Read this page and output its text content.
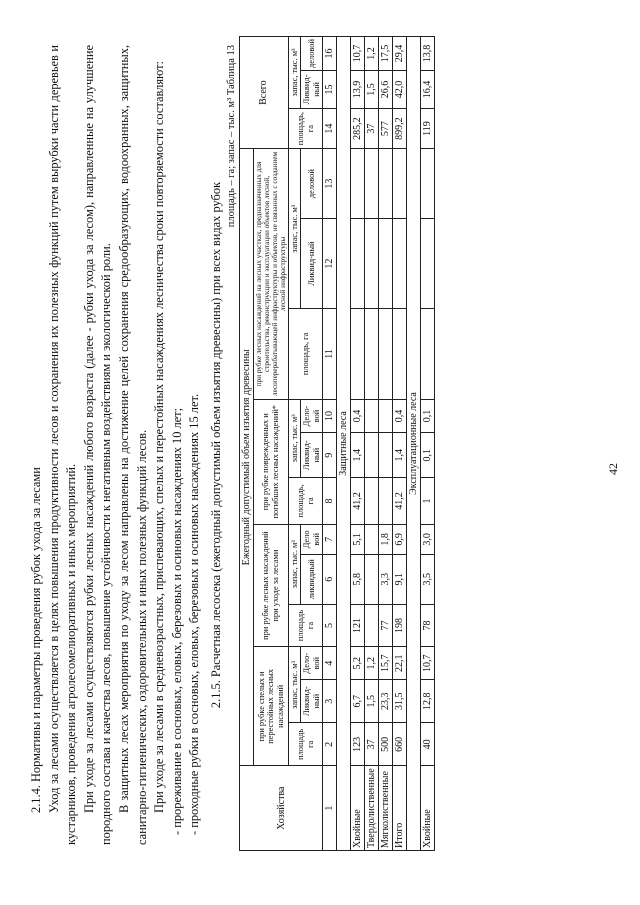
2.1.4. Нормативы и параметры проведения рубок ухода за лесами Уход за лесами осуществляется в целях повышения продуктивности лесов и сохранения их полезных функций путем вырубки части деревьев и кустарников, проведения агролесомелиоративных и иных мероприятий. При уходе за лесами осуществляются рубки лесных насаждений любого возраста (далее - рубки ухода за лесом), направленные на улучшение породного состава и качества лесов, повышение устойчивости к негативным воздействиям и экологической роли. В защитных лесах мероприятия по уходу за лесом направлены на достижение целей сохранения средообразующих, водоохранных, защитных, санитарно-гигиенических, оздоровительных и иных полезных функций лесов. При уходе за лесами в средневозрастных, приспевающих, спелых и перестойных насаждениях лесничества сроки повторяемости составляют: - прореживание в сосновых, еловых, березовых и осиновых насаждениях 10 лет; - проходные рубки в сосновых, еловых, березовых и осиновых насаждениях 15 лет. 2.1.5. Расчетная лесосека (ежегодный допустимый объем изъятия древесины) при всех видах рубок

площадь – га; запас – тыс. м³ Таблица 13

Хозяйства	Ежегодный допустимый объем изъятия древесины												Всего		
	при рубке спелых и перестойных лесных насаждений			при рубке лесных насаждений при уходе за лесами			при рубке поврежденных и погибших лесных насаждений*			при рубке лесных насаждений на лесных участках, предназначенных для строительства, реконструкции и эксплуатации объектов лесной, лесоперерабатывающей инфраструктуры и объектов, не связанных с созданием лесной инфраструктуры					
	площадь га	запас, тыс. м³		площадь га	запас, тыс. м³		площадь, га	запас, тыс. м³		площадь, га	запас, тыс. м³		площадь, га	запас, тыс. м³	
		Ликвид-ный	Дело-вой		ликвидный	Дело вой		Ликвид-ный	Дело-вой		Ликвид-ный	деловой		Ликвид-ный	деловой
1	2	3	4	5	6	7	8	9	10	11	12	13	14	15	16
Защитные леса															
Хвойные	123	6,7	5,2	121	5,8	5,1	41,2	1,4	0,4				285,2	13,9	10,7
Твердолиственные	37	1,5	1,2										37	1,5	1,2
Мягколиственные	500	23,3	15,7	77	3,3	1,8							577	26,6	17,5
Итого	660	31,5	22,1	198	9,1	6,9	41,2	1,4	0,4				899,2	42,0	29,4
Эксплуатационные леса															
Хвойные	40	12,8	10,7	78	3,5	3,0	1	0,1	0,1				119	16,4	13,8
42
